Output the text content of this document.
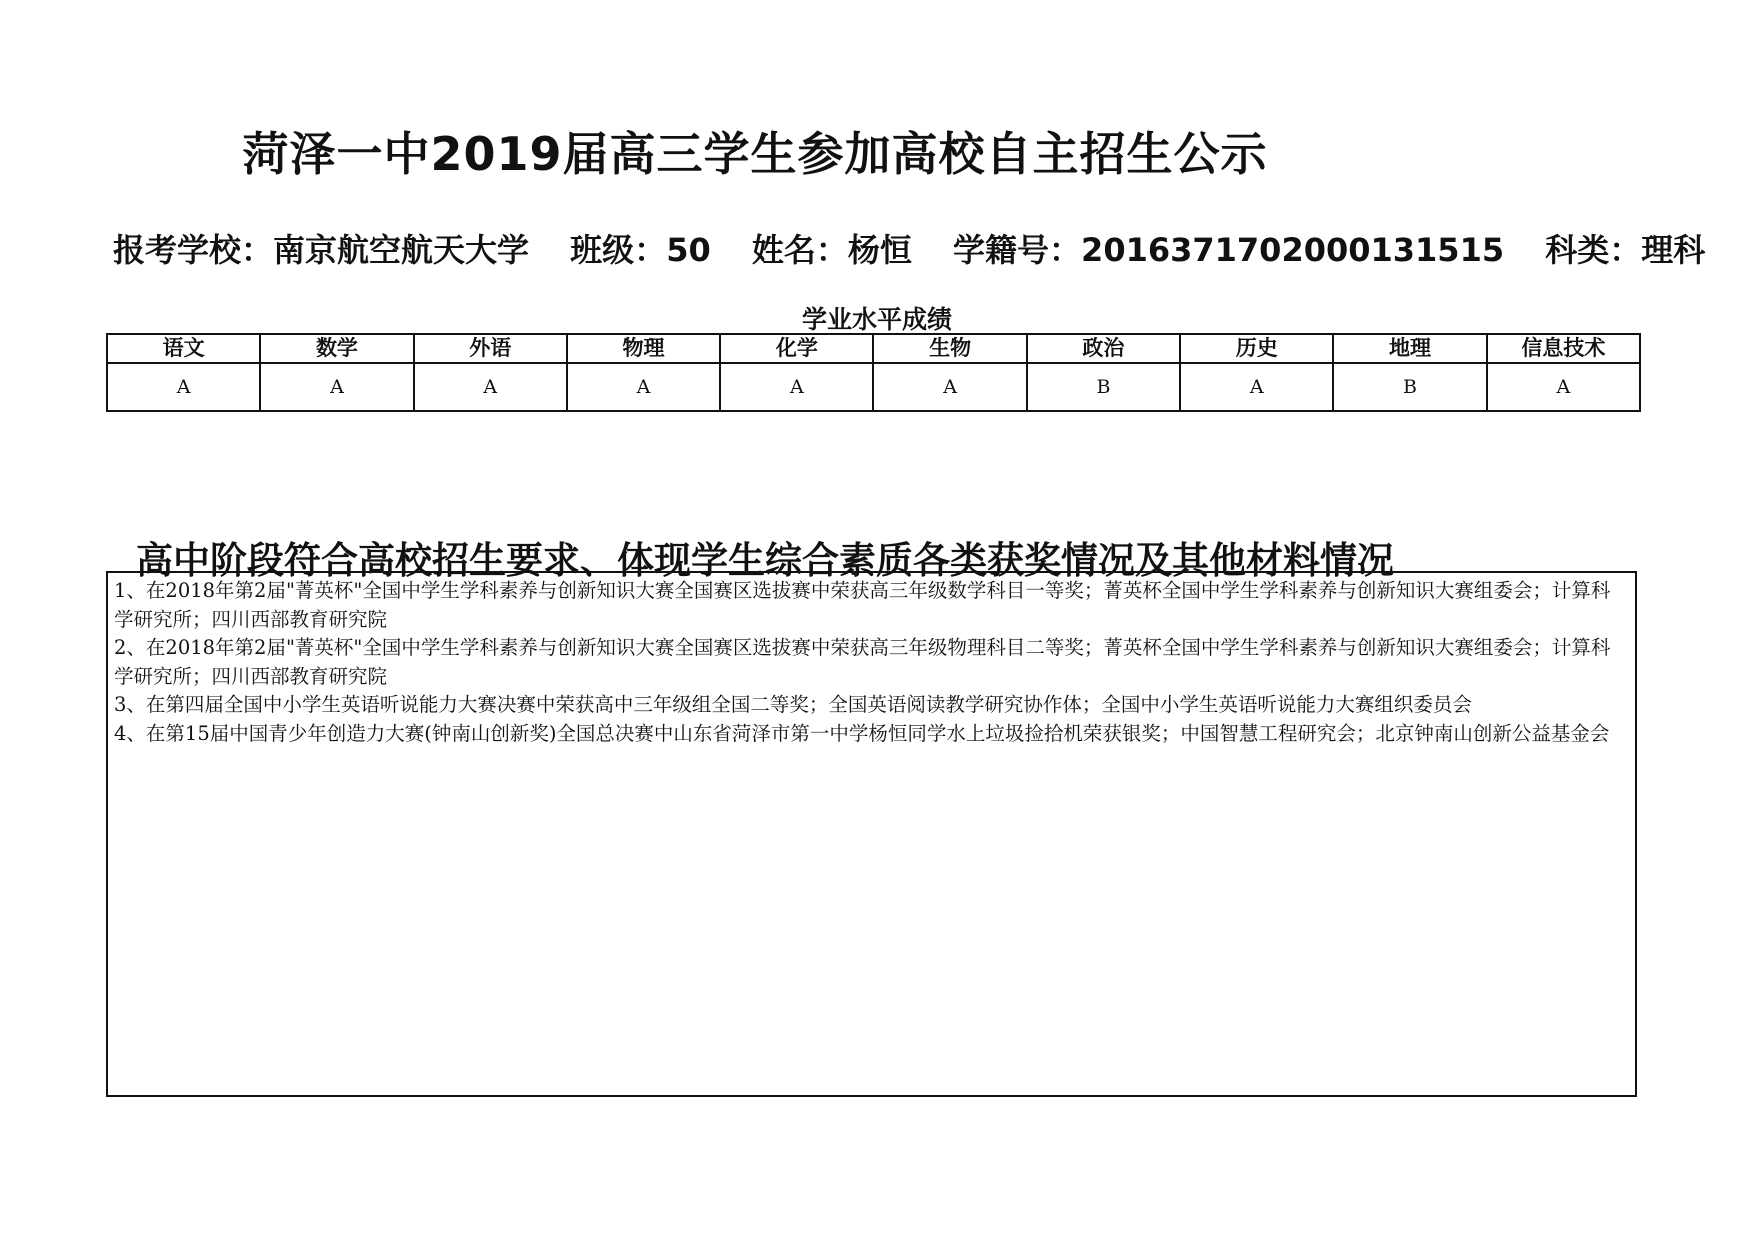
菏泽一中2019届高三学生参加高校自主招生公示
报考学校：南京航空航天大学 班级：50 姓名：杨恒 学籍号：2016371702000131515 科类：理科
学业水平成绩
语文	数学	外语	物理	化学	生物	政治	历史	地理	信息技术
A	A	A	A	A	A	B	A	B	A
高中阶段符合高校招生要求、体现学生综合素质各类获奖情况及其他材料情况

1、在2018年第2届"菁英杯"全国中学生学科素养与创新知识大赛全国赛区选拔赛中荣获高三年级数学科目一等奖；菁英杯全国中学生学科素养与创新知识大赛组委会；计算科学研究所；四川西部教育研究院

2、在2018年第2届"菁英杯"全国中学生学科素养与创新知识大赛全国赛区选拔赛中荣获高三年级物理科目二等奖；菁英杯全国中学生学科素养与创新知识大赛组委会；计算科学研究所；四川西部教育研究院

3、在第四届全国中小学生英语听说能力大赛决赛中荣获高中三年级组全国二等奖；全国英语阅读教学研究协作体；全国中小学生英语听说能力大赛组织委员会

4、在第15届中国青少年创造力大赛(钟南山创新奖)全国总决赛中山东省菏泽市第一中学杨恒同学水上垃圾捡拾机荣获银奖；中国智慧工程研究会；北京钟南山创新公益基金会
